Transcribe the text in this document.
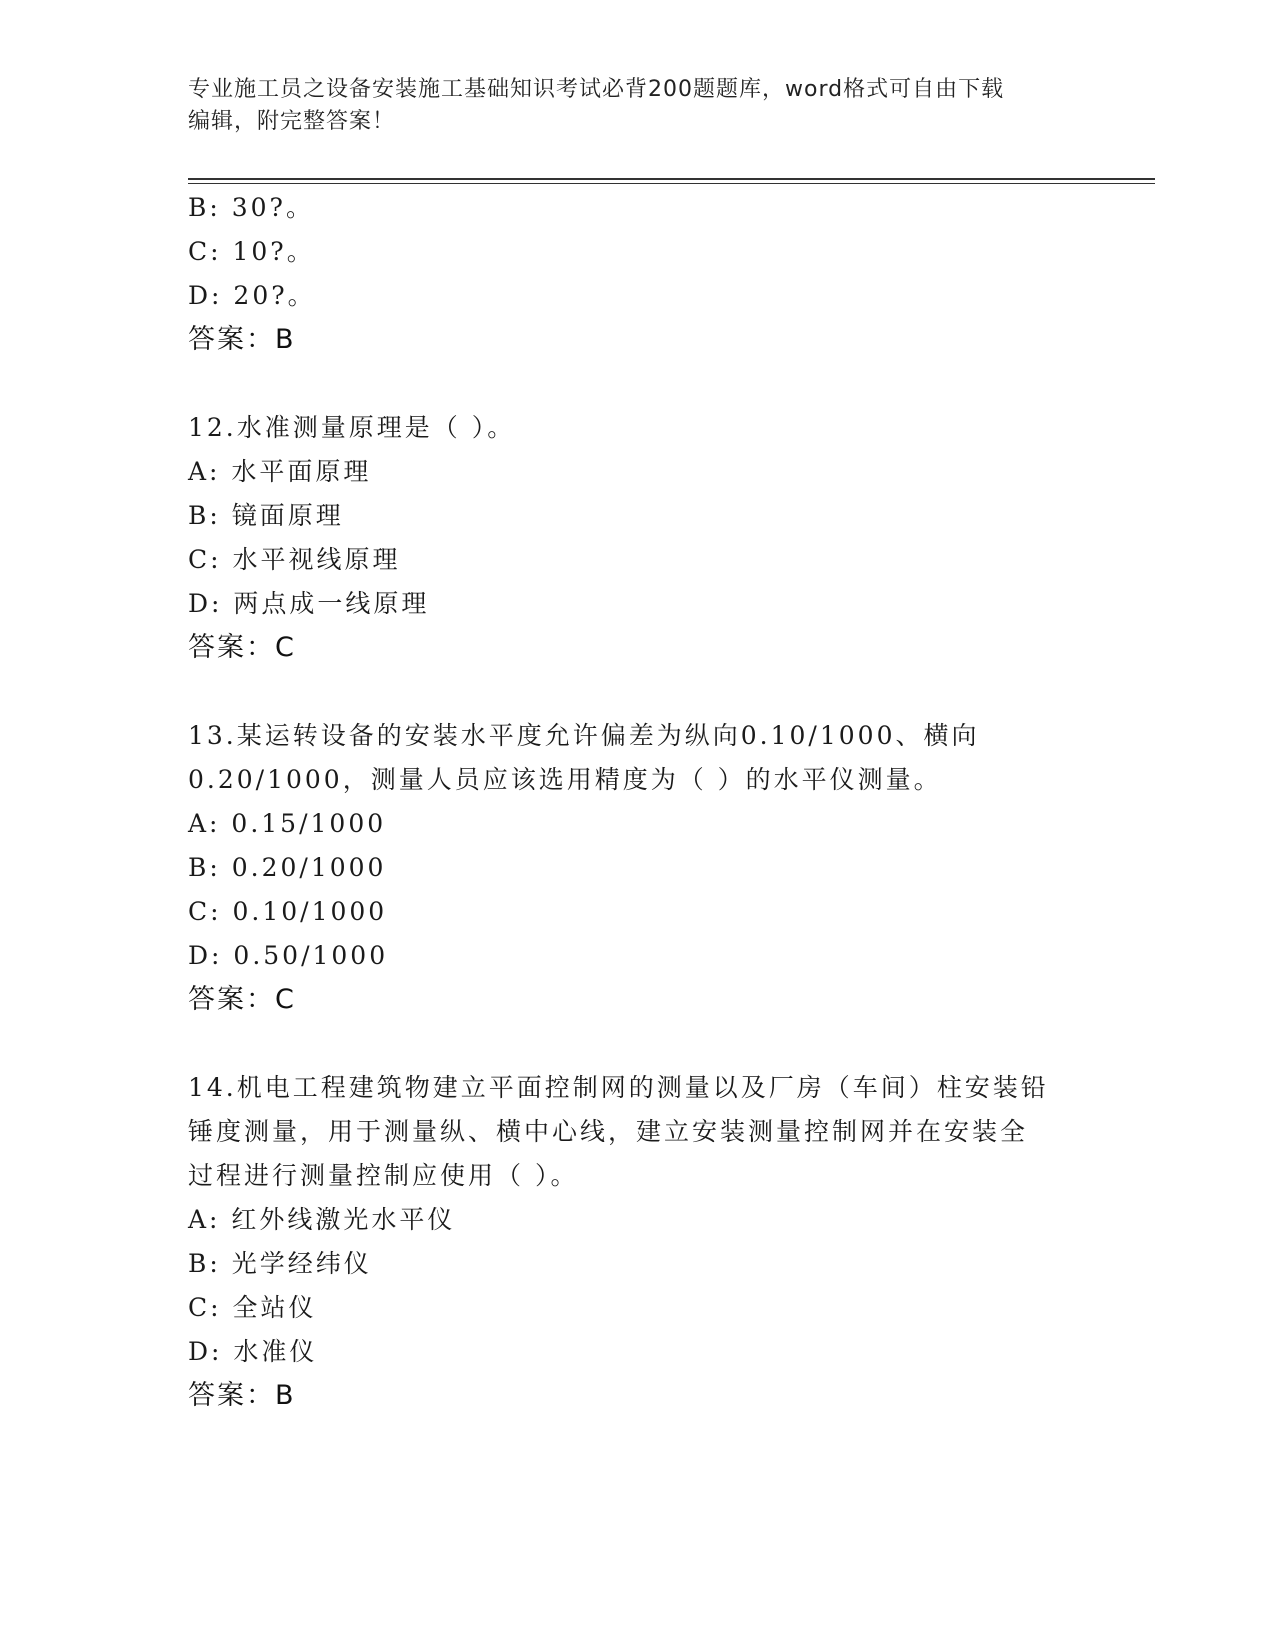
专业施工员之设备安装施工基础知识考试必背200题题库，word格式可自由下载
编辑，附完整答案！
B: 30?。
C: 10?。
D: 20?。
答案：B
12.水准测量原理是（ ）。
A: 水平面原理
B: 镜面原理
C: 水平视线原理
D: 两点成一线原理
答案：C
13.某运转设备的安装水平度允许偏差为纵向0.10/1000、横向
0.20/1000，测量人员应该选用精度为（ ）的水平仪测量。
A: 0.15/1000
B: 0.20/1000
C: 0.10/1000
D: 0.50/1000
答案：C
14.机电工程建筑物建立平面控制网的测量以及厂房（车间）柱安装铅
锤度测量，用于测量纵、横中心线，建立安装测量控制网并在安装全
过程进行测量控制应使用（ ）。
A: 红外线激光水平仪
B: 光学经纬仪
C: 全站仪
D: 水准仪
答案：B
